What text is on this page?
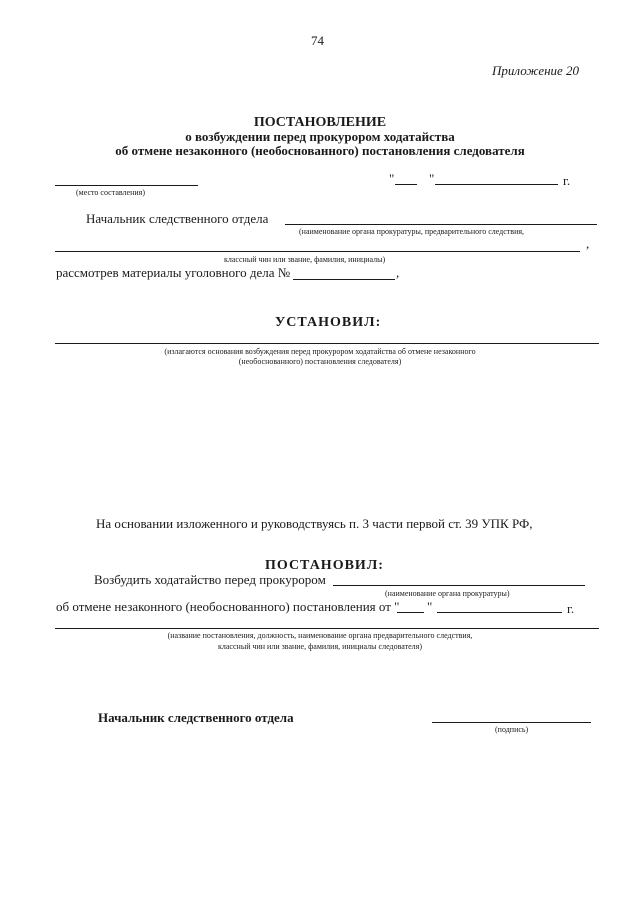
74
Приложение 20
ПОСТАНОВЛЕНИЕ
о возбуждении перед прокурором ходатайства
об отмене незаконного (необоснованного) постановления следователя
(место составления)
"	"	г.
Начальник следственного отдела
(наименование органа прокуратуры, предварительного следствия,
,
классный чин или звание, фамилия, инициалы)
рассмотрев материалы уголовного дела №	,
УСТАНОВИЛ:
(излагаются основания возбуждения перед прокурором ходатайства об отмене незаконного
(необоснованного) постановления следователя)
На основании изложенного и руководствуясь п. 3 части первой ст. 39 УПК РФ,
ПОСТАНОВИЛ:
Возбудить ходатайство перед прокурором
(наименование органа прокуратуры)
об отмене незаконного (необоснованного) постановления от " "	г.
(название постановления, должность, наименование органа предварительного следствия,
классный чин или звание, фамилия, инициалы следователя)
Начальник следственного отдела
(подпись)
